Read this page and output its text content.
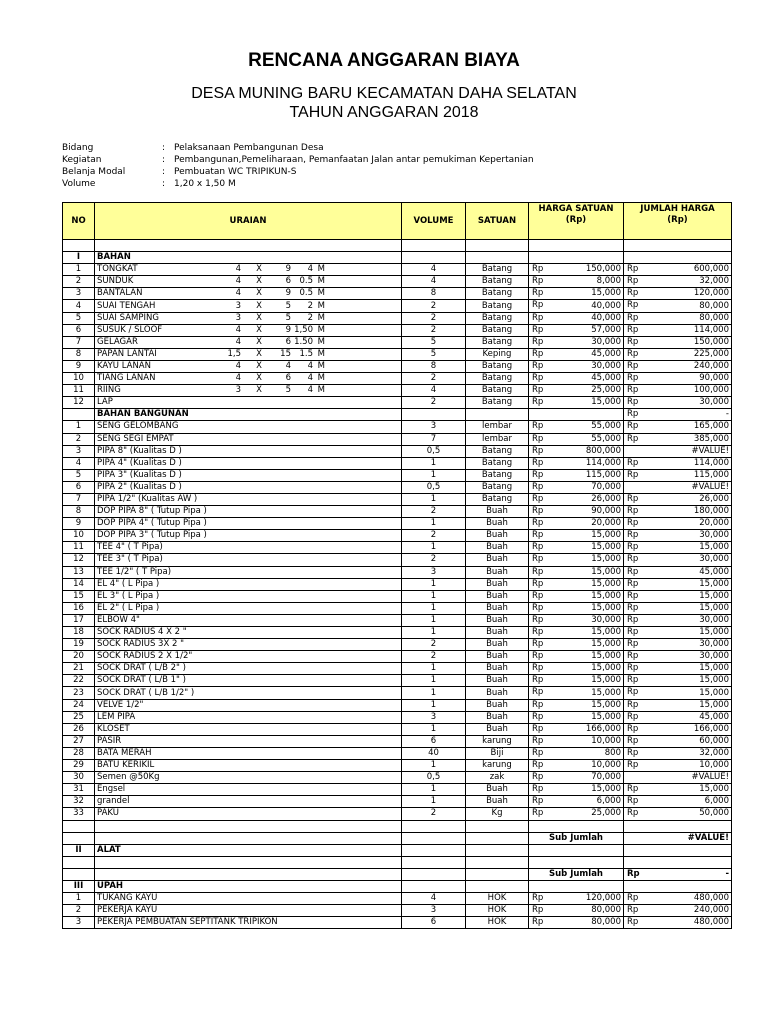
RENCANA ANGGARAN BIAYA
DESA MUNING BARU KECAMATAN DAHA SELATAN
TAHUN ANGGARAN 2018
Bidang	: Pelaksanaan Pembangunan Desa
Kegiatan	: Pembangunan,Pemeliharaan, Pemanfaatan Jalan antar pemukiman Kepertanian
Belanja Modal	: Pembuatan WC TRIPIKUN-S
Volume	: 1,20 x 1,50 M
NO	URAIAN	VOLUME	SATUAN	HARGA SATUAN	JUMLAH HARGA
				(Rp)	(Rp)

I	BAHAN				
1	TONGKAT 4 X 9 4 M	4	Batang	Rp 150,000	Rp 600,000

2	SUNDUK 4 X 6 0.5 M	4	Batang	Rp 8,000	Rp 32,000

3	BANTALAN 4 X 9 0.5 M	8	Batang	Rp 15,000	Rp 120,000

4	SUAI TENGAH 3 X 5 2 M	2	Batang	Rp 40,000	Rp 80,000

5	SUAI SAMPING 3 X 5 2 M	2	Batang	Rp 40,000	Rp 80,000

6	SUSUK / SLOOF 4 X 9 1,50 M	2	Batang	Rp 57,000	Rp 114,000

7	GELAGAR 4 X 6 1.50 M	5	Batang	Rp 30,000	Rp 150,000

8	PAPAN LANTAI 1,5 X 15 1.5 M	5	Keping	Rp 45,000	Rp 225,000

9	KAYU LANAN 4 X 4 4 M	8	Batang	Rp 30,000	Rp 240,000

10	TIANG LANAN 4 X 6 4 M	2	Batang	Rp 45,000	Rp 90,000

11	RIING 3 X 5 4 M	4	Batang	Rp 25,000	Rp 100,000

12	LAP	2	Batang	Rp 15,000	Rp 30,000

	BAHAN BANGUNAN				Rp -

1	SENG GELOMBANG	3	lembar	Rp 55,000	Rp 165,000

2	SENG SEGI EMPAT	7	lembar	Rp 55,000	Rp 385,000

3	PIPA 8" (Kualitas D )	0,5	Batang	Rp 800,000	#VALUE!
4	PIPA 4" (Kualitas D )	1	Batang	Rp 114,000	Rp 114,000

5	PIPA 3" (Kualitas D )	1	Batang	Rp 115,000	Rp 115,000

6	PIPA 2" (Kualitas D )	0,5	Batang	Rp 70,000	#VALUE!
7	PIPA 1/2" (Kualitas AW )	1	Batang	Rp 26,000	Rp 26,000

8	DOP PIPA 8" ( Tutup Pipa )	2	Buah	Rp 90,000	Rp 180,000

9	DOP PIPA 4" ( Tutup Pipa )	1	Buah	Rp 20,000	Rp 20,000

10	DOP PIPA 3" ( Tutup Pipa )	2	Buah	Rp 15,000	Rp 30,000

11	TEE 4" ( T Pipa)	1	Buah	Rp 15,000	Rp 15,000

12	TEE 3" ( T Pipa)	2	Buah	Rp 15,000	Rp 30,000

13	TEE 1/2" ( T Pipa)	3	Buah	Rp 15,000	Rp 45,000

14	EL 4" ( L Pipa )	1	Buah	Rp 15,000	Rp 15,000

15	EL 3" ( L Pipa )	1	Buah	Rp 15,000	Rp 15,000

16	EL 2" ( L Pipa )	1	Buah	Rp 15,000	Rp 15,000

17	ELBOW 4"	1	Buah	Rp 30,000	Rp 30,000

18	SOCK RADIUS 4 X 2 "	1	Buah	Rp 15,000	Rp 15,000

19	SOCK RADIUS 3X 2 "	2	Buah	Rp 15,000	Rp 30,000

20	SOCK RADIUS 2 X 1/2"	2	Buah	Rp 15,000	Rp 30,000

21	SOCK DRAT ( L/B 2" )	1	Buah	Rp 15,000	Rp 15,000

22	SOCK DRAT ( L/B 1" )	1	Buah	Rp 15,000	Rp 15,000

23	SOCK DRAT ( L/B 1/2" )	1	Buah	Rp 15,000	Rp 15,000

24	VELVE 1/2"	1	Buah	Rp 15,000	Rp 15,000

25	LEM PIPA	3	Buah	Rp 15,000	Rp 45,000

26	KLOSET	1	Buah	Rp 166,000	Rp 166,000

27	PASIR	6	karung	Rp 10,000	Rp 60,000

28	BATA MERAH	40	Biji	Rp 800	Rp 32,000

29	BATU KERIKIL	1	karung	Rp 10,000	Rp 10,000

30	Semen @50Kg	0,5	zak	Rp 70,000	#VALUE!
31	Engsel	1	Buah	Rp 15,000	Rp 15,000

32	grandel	1	Buah	Rp 6,000	Rp 6,000

33	PAKU	2	Kg	Rp 25,000	Rp 50,000

				Sub Jumlah	#VALUE!
II	ALAT				

				Sub Jumlah	Rp -

III	UPAH				
1	TUKANG KAYU	4	HOK	Rp 120,000	Rp 480,000

2	PEKERJA KAYU	3	HOK	Rp 80,000	Rp 240,000

3	PEKERJA PEMBUATAN SEPTITANK TRIPIKON	6	HOK	Rp 80,000	Rp 480,000
